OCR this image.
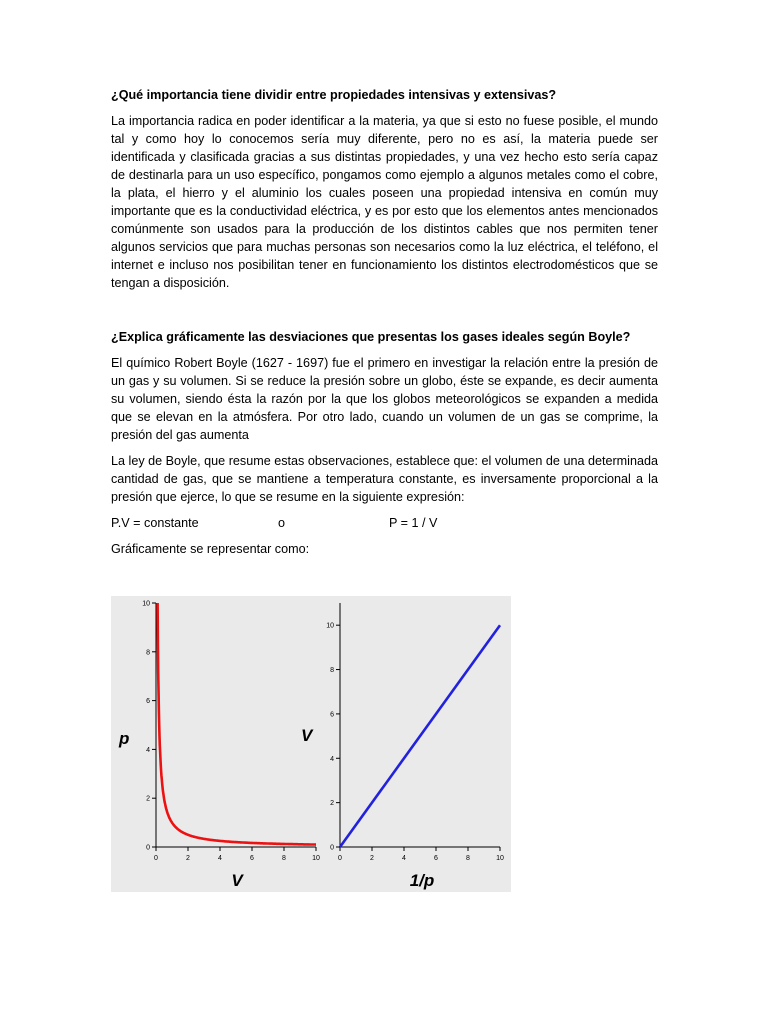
¿Qué importancia tiene dividir entre propiedades intensivas y extensivas?

La importancia radica en poder identificar a la materia, ya que si esto no fuese posible, el mundo tal y como hoy lo conocemos sería muy diferente, pero no es así, la materia puede ser identificada y clasificada gracias a sus distintas propiedades, y una vez hecho esto sería capaz de destinarla para un uso específico, pongamos como ejemplo a algunos metales como el cobre, la plata, el hierro y el aluminio los cuales poseen una propiedad intensiva en común muy importante que es la conductividad eléctrica, y es por esto que los elementos antes mencionados comúnmente son usados para la producción de los distintos cables que nos permiten tener algunos servicios que para muchas personas son necesarios como la luz eléctrica, el teléfono, el internet e incluso nos posibilitan tener en funcionamiento los distintos electrodomésticos que se tengan a disposición.

¿Explica gráficamente las desviaciones que presentas los gases ideales según Boyle?

El químico Robert Boyle (1627 - 1697) fue el primero en investigar la relación entre la presión de un gas y su volumen. Si se reduce la presión sobre un globo, éste se expande, es decir aumenta su volumen, siendo ésta la razón por la que los globos meteorológicos se expanden a medida que se elevan en la atmósfera. Por otro lado, cuando un volumen de un gas se comprime, la presión del gas aumenta

La ley de Boyle, que resume estas observaciones, establece que: el volumen de una determinada cantidad de gas, que se mantiene a temperatura constante, es inversamente proporcional a la presión que ejerce, lo que se resume en la siguiente expresión:

P.V = constante	o	P = 1 / V

Gráficamente se representar como:

0	2	4	6	8	10
0
2
4
6
8
10
p
V
0	2	4	6	8	10
0
2
4
6
8
10
V
1/p
